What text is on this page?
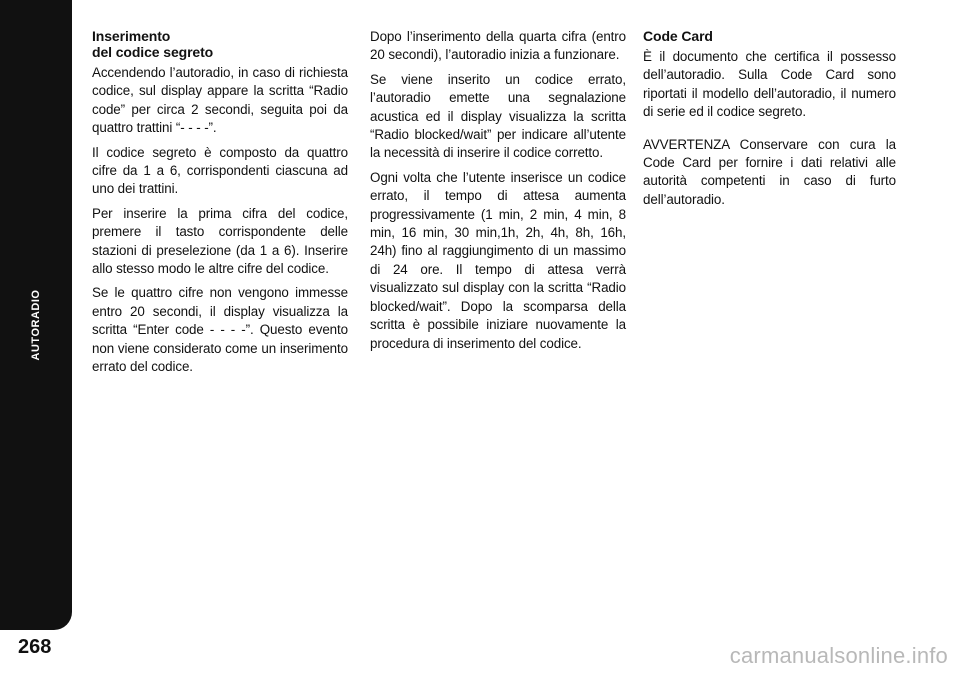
AUTORADIO
268
Inserimento
del codice segreto

Accendendo l’autoradio, in caso di richiesta codice, sul display appare la scritta “Radio code” per circa 2 secondi, seguita poi da quattro trattini “- - - -”.

Il codice segreto è composto da quattro cifre da 1 a 6, corrispondenti ciascuna ad uno dei trattini.

Per inserire la prima cifra del codice, premere il tasto corrispondente delle stazioni di preselezione (da 1 a 6). Inserire allo stesso modo le altre cifre del codice.

Se le quattro cifre non vengono immesse entro 20 secondi, il display visualizza la scritta “Enter code - - - -”. Questo evento non viene considerato come un inserimento errato del codice.

Dopo l’inserimento della quarta cifra (entro 20 secondi), l’autoradio inizia a funzionare.

Se viene inserito un codice errato, l’autoradio emette una segnalazione acustica ed il display visualizza la scritta “Radio blocked/wait” per indicare all’utente la necessità di inserire il codice corretto.

Ogni volta che l’utente inserisce un codice errato, il tempo di attesa aumenta progressivamente (1 min, 2 min, 4 min, 8 min, 16 min, 30 min,1h, 2h, 4h, 8h, 16h, 24h) fino al raggiungimento di un massimo di 24 ore. Il tempo di attesa verrà visualizzato sul display con la scritta “Radio blocked/wait”. Dopo la scomparsa della scritta è possibile iniziare nuovamente la procedura di inserimento del codice.

Code Card

È il documento che certifica il possesso dell’autoradio. Sulla Code Card sono riportati il modello dell’autoradio, il numero di serie ed il codice segreto.

AVVERTENZA Conservare con cura la Code Card per fornire i dati relativi alle autorità competenti in caso di furto dell’autoradio.

carmanualsonline.info
